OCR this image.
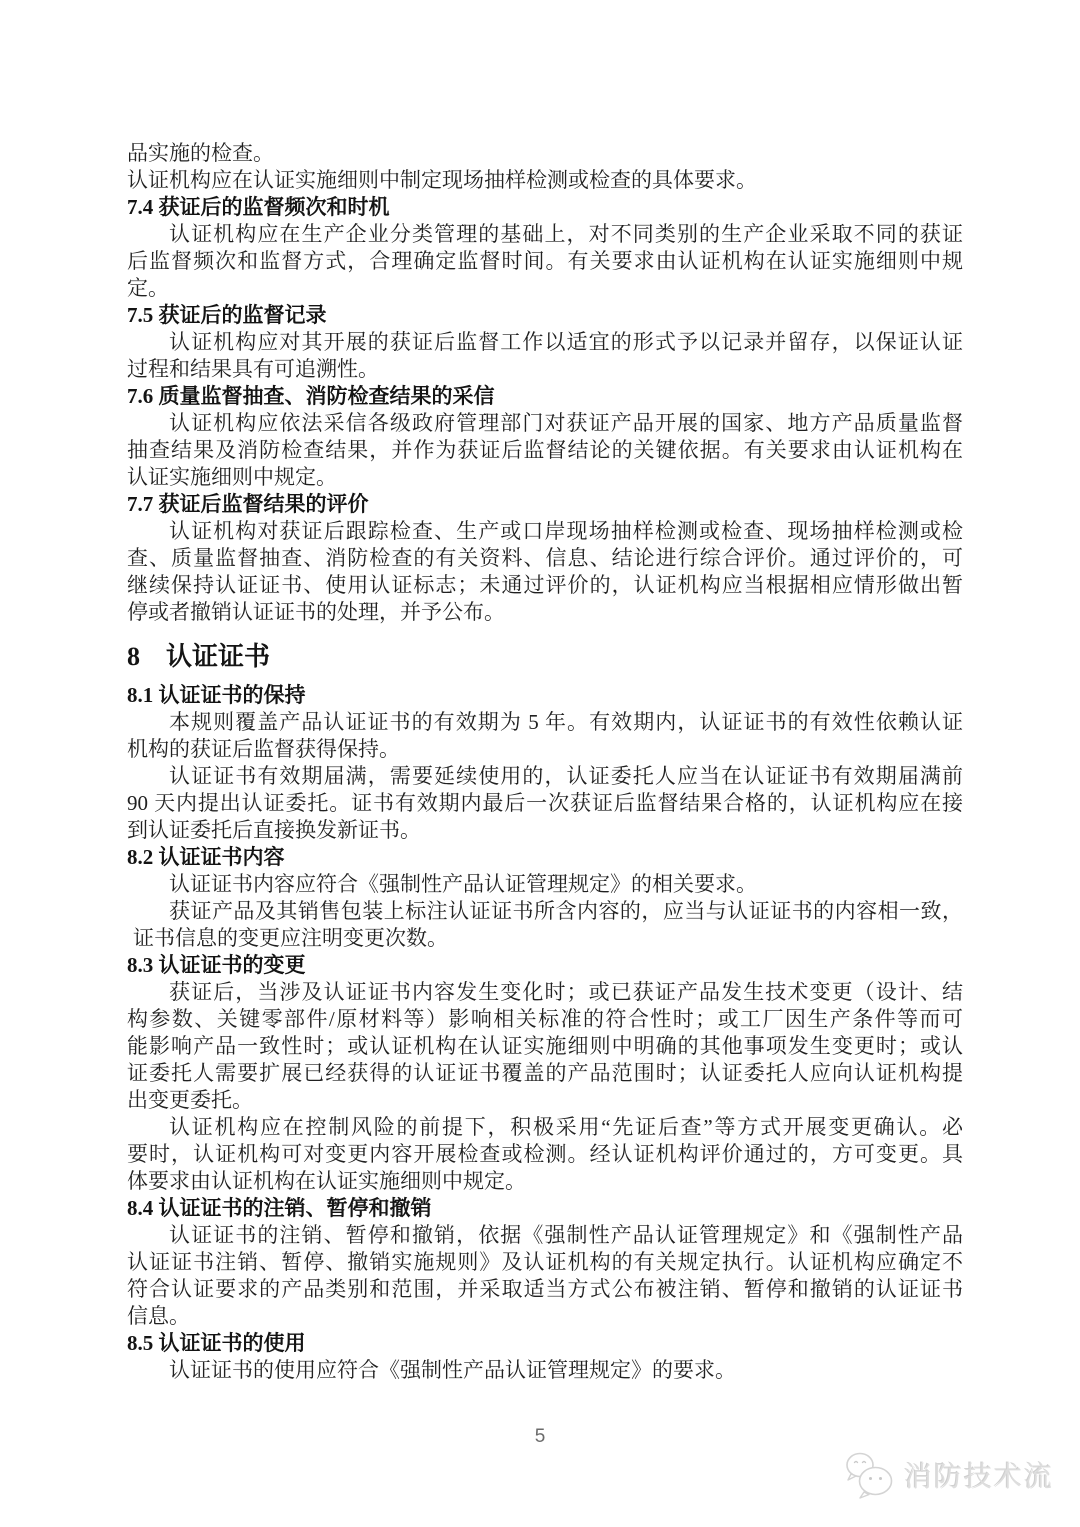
品实施的检查。
认证机构应在认证实施细则中制定现场抽样检测或检查的具体要求。
7.4 获证后的监督频次和时机
认证机构应在生产企业分类管理的基础上，对不同类别的生产企业采取不同的获证
后监督频次和监督方式，合理确定监督时间。有关要求由认证机构在认证实施细则中规
定。
7.5 获证后的监督记录
认证机构应对其开展的获证后监督工作以适宜的形式予以记录并留存，以保证认证
过程和结果具有可追溯性。
7.6 质量监督抽查、消防检查结果的采信
认证机构应依法采信各级政府管理部门对获证产品开展的国家、地方产品质量监督
抽查结果及消防检查结果，并作为获证后监督结论的关键依据。有关要求由认证机构在
认证实施细则中规定。
7.7 获证后监督结果的评价
认证机构对获证后跟踪检查、生产或口岸现场抽样检测或检查、现场抽样检测或检
查、质量监督抽查、消防检查的有关资料、信息、结论进行综合评价。通过评价的，可
继续保持认证证书、使用认证标志；未通过评价的，认证机构应当根据相应情形做出暂
停或者撤销认证证书的处理，并予公布。
8　认证证书
8.1 认证证书的保持
本规则覆盖产品认证证书的有效期为 5 年。有效期内，认证证书的有效性依赖认证
机构的获证后监督获得保持。
认证证书有效期届满，需要延续使用的，认证委托人应当在认证证书有效期届满前
90 天内提出认证委托。证书有效期内最后一次获证后监督结果合格的，认证机构应在接
到认证委托后直接换发新证书。
8.2 认证证书内容
认证证书内容应符合《强制性产品认证管理规定》的相关要求。
获证产品及其销售包装上标注认证证书所含内容的，应当与认证证书的内容相一致，
证书信息的变更应注明变更次数。
8.3 认证证书的变更
获证后，当涉及认证证书内容发生变化时；或已获证产品发生技术变更（设计、结
构参数、关键零部件/原材料等）影响相关标准的符合性时；或工厂因生产条件等而可
能影响产品一致性时；或认证机构在认证实施细则中明确的其他事项发生变更时；或认
证委托人需要扩展已经获得的认证证书覆盖的产品范围时；认证委托人应向认证机构提
出变更委托。
认证机构应在控制风险的前提下，积极采用“先证后查”等方式开展变更确认。必
要时，认证机构可对变更内容开展检查或检测。经认证机构评价通过的，方可变更。具
体要求由认证机构在认证实施细则中规定。
8.4 认证证书的注销、暂停和撤销
认证证书的注销、暂停和撤销，依据《强制性产品认证管理规定》和《强制性产品
认证证书注销、暂停、撤销实施规则》及认证机构的有关规定执行。认证机构应确定不
符合认证要求的产品类别和范围，并采取适当方式公布被注销、暂停和撤销的认证证书
信息。
8.5 认证证书的使用
认证证书的使用应符合《强制性产品认证管理规定》的要求。
5
消防技术流
